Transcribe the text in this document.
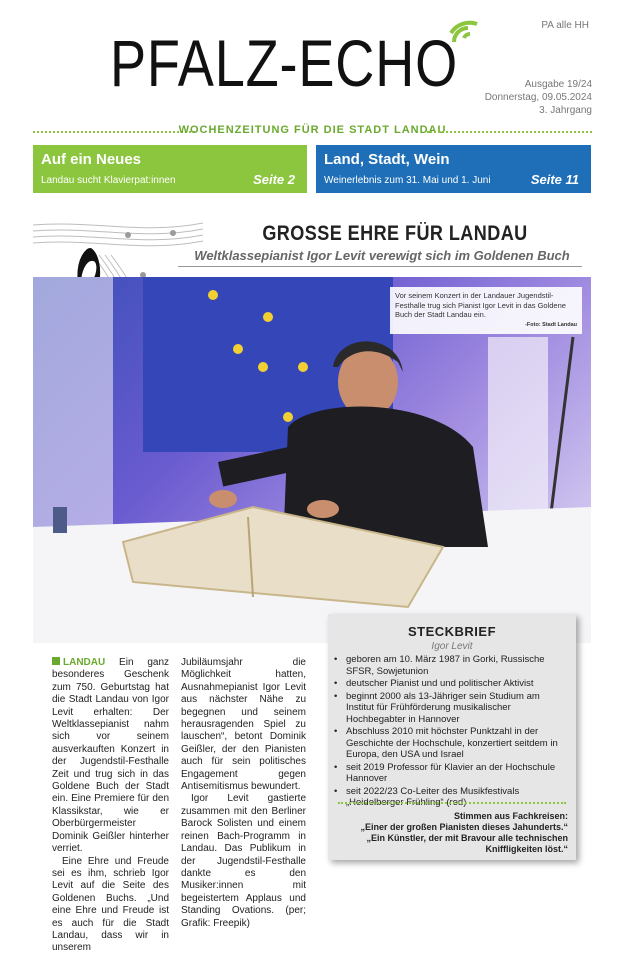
PA alle HH
PFALZ-ECHO	Ausgabe 19/24
Donnerstag, 09.05.2024
3. Jahrgang
WOCHENZEITUNG FÜR DIE STADT LANDAU
Auf ein Neues
Landau sucht Klavierpat:innen	Seite 2
Land, Stadt, Wein
Weinerlebnis zum 31. Mai und 1. Juni	Seite 11
GROSSE EHRE FÜR LANDAU
Weltklassepianist Igor Levit verewigt sich im Goldenen Buch
Vor seinem Konzert in der Landauer Jugendstil-Festhalle trug sich Pianist Igor Levit in das Goldene Buch der Stadt Landau ein.
-Foto: Stadt Landau

LANDAU Ein ganz besonderes Geschenk zum 750. Geburtstag hat die Stadt Landau von Igor Levit erhalten: Der Weltklassepianist nahm sich vor seinem ausverkauften Konzert in der Jugendstil-Festhalle Zeit und trug sich in das Goldene Buch der Stadt ein. Eine Premiere für den Klassikstar, wie er Oberbürgermeister Dominik Geißler hinterher verriet.

Eine Ehre und Freude sei es ihm, schrieb Igor Levit auf die Seite des Goldenen Buchs. „Und eine Ehre und Freude ist es auch für die Stadt Landau, dass wir in unserem

Jubiläumsjahr die Möglichkeit hatten, Ausnahmepianist Igor Levit aus nächster Nähe zu begegnen und seinem herausragenden Spiel zu lauschen“, betont Dominik Geißler, der den Pianisten auch für sein politisches Engagement gegen Antisemitismus bewundert.

Igor Levit gastierte zusammen mit den Berliner Barock Solisten und einem reinen Bach-Programm in Landau. Das Publikum in der Jugendstil-Festhalle dankte es den Musiker:innen mit begeistertem Applaus und Standing Ovations. (per; Grafik: Freepik)

STECKBRIEF
Igor Levit
• geboren am 10. März 1987 in Gorki, Russische SFSR, Sowjetunion
• deutscher Pianist und und politischer Aktivist
• beginnt 2000 als 13-Jähriger sein Studium am Institut für Frühförderung musikalischer Hochbegabter in Hannover
• Abschluss 2010 mit höchster Punktzahl in der Geschichte der Hochschule, konzertiert seitdem in Europa, den USA und Israel
• seit 2019 Professor für Klavier an der Hochschule Hannover
• seit 2022/23 Co-Leiter des Musikfestivals „Heidelberger Frühling“ (red)
Stimmen aus Fachkreisen:
„Einer der großen Pianisten dieses Jahunderts.“
„Ein Künstler, der mit Bravour alle technischen Kniffligkeiten löst.“
